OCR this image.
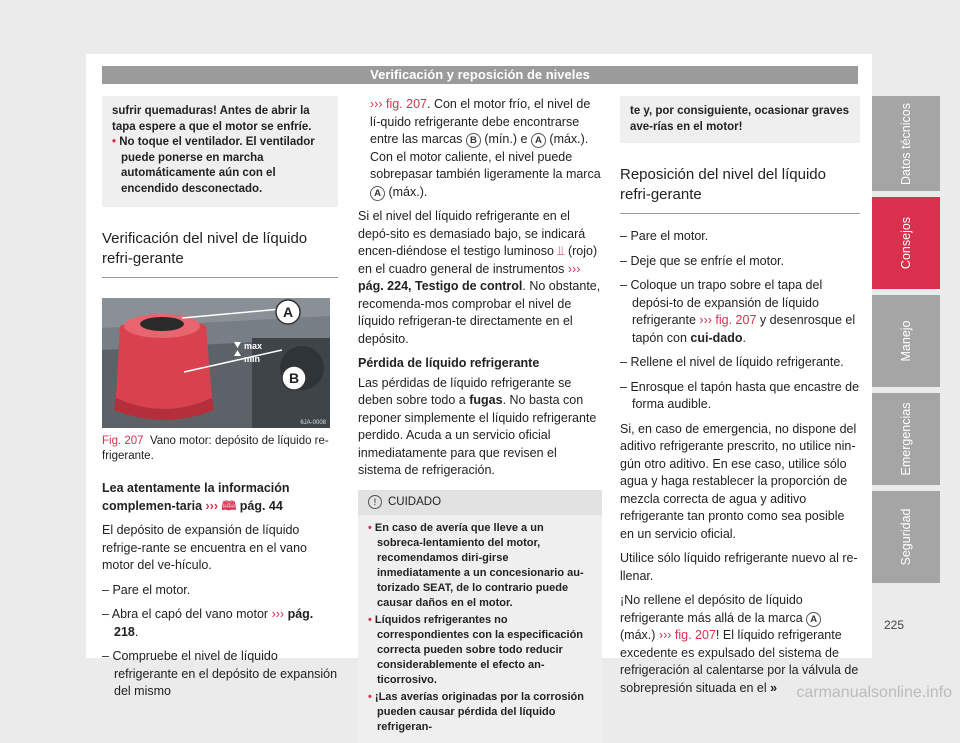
Verificación y reposición de niveles
Datos técnicos
Consejos
Manejo
Emergencias
Seguridad
sufrir quemaduras! Antes de abrir la tapa espere a que el motor se enfríe.
• No toque el ventilador. El ventilador puede ponerse en marcha automáticamente aún con el encendido desconectado.
Verificación del nivel de líquido refri-gerante
A
B
max
min
6JA-0008
Fig. 207 Vano motor: depósito de líquido re-frigerante.

Lea atentamente la información complemen-taria ››› 🕮 pág. 44

El depósito de expansión de líquido refrige-rante se encuentra en el vano motor del ve-hículo.

– Pare el motor.

– Abra el capó del vano motor ››› pág. 218.

– Compruebe el nivel de líquido refrigerante en el depósito de expansión del mismo

››› fig. 207. Con el motor frío, el nivel de lí-quido refrigerante debe encontrarse entre las marcas B (mín.) e A (máx.). Con el motor caliente, el nivel puede sobrepasar también ligeramente la marca A (máx.).

Si el nivel del líquido refrigerante en el depó-sito es demasiado bajo, se indicará encen-diéndose el testigo luminoso ⫫ (rojo) en el cuadro general de instrumentos ››› pág. 224, Testigo de control. No obstante, recomenda-mos comprobar el nivel de líquido refrigeran-te directamente en el depósito.

Pérdida de líquido refrigerante

Las pérdidas de líquido refrigerante se deben sobre todo a fugas. No basta con reponer simplemente el líquido refrigerante perdido. Acuda a un servicio oficial inmediatamente para que revisen el sistema de refrigeración.

!	CUIDADO
• En caso de avería que lleve a un sobreca-lentamiento del motor, recomendamos diri-girse inmediatamente a un concesionario au-torizado SEAT, de lo contrario puede causar daños en el motor.
• Líquidos refrigerantes no correspondientes con la especificación correcta pueden sobre todo reducir considerablemente el efecto an-ticorrosivo.
• ¡Las averías originadas por la corrosión pueden causar pérdida del líquido refrigeran-
te y, por consiguiente, ocasionar graves ave-rías en el motor!
Reposición del nivel del líquido refri-gerante

– Pare el motor.

– Deje que se enfríe el motor.

– Coloque un trapo sobre el tapa del depósi-to de expansión de líquido refrigerante ››› fig. 207 y desenrosque el tapón con cui-dado.

– Rellene el nivel de líquido refrigerante.

– Enrosque el tapón hasta que encastre de forma audible.

Si, en caso de emergencia, no dispone del aditivo refrigerante prescrito, no utilice nin-gún otro aditivo. En ese caso, utilice sólo agua y haga restablecer la proporción de mezcla correcta de agua y aditivo refrigerante tan pronto como sea posible en un servicio oficial.

Utilice sólo líquido refrigerante nuevo al re-llenar.

¡No rellene el depósito de líquido refrigerante más allá de la marca A (máx.) ››› fig. 207! El líquido refrigerante excedente es expulsado del sistema de refrigeración al calentarse por la válvula de sobrepresión situada en el »

225
carmanualsonline.info
